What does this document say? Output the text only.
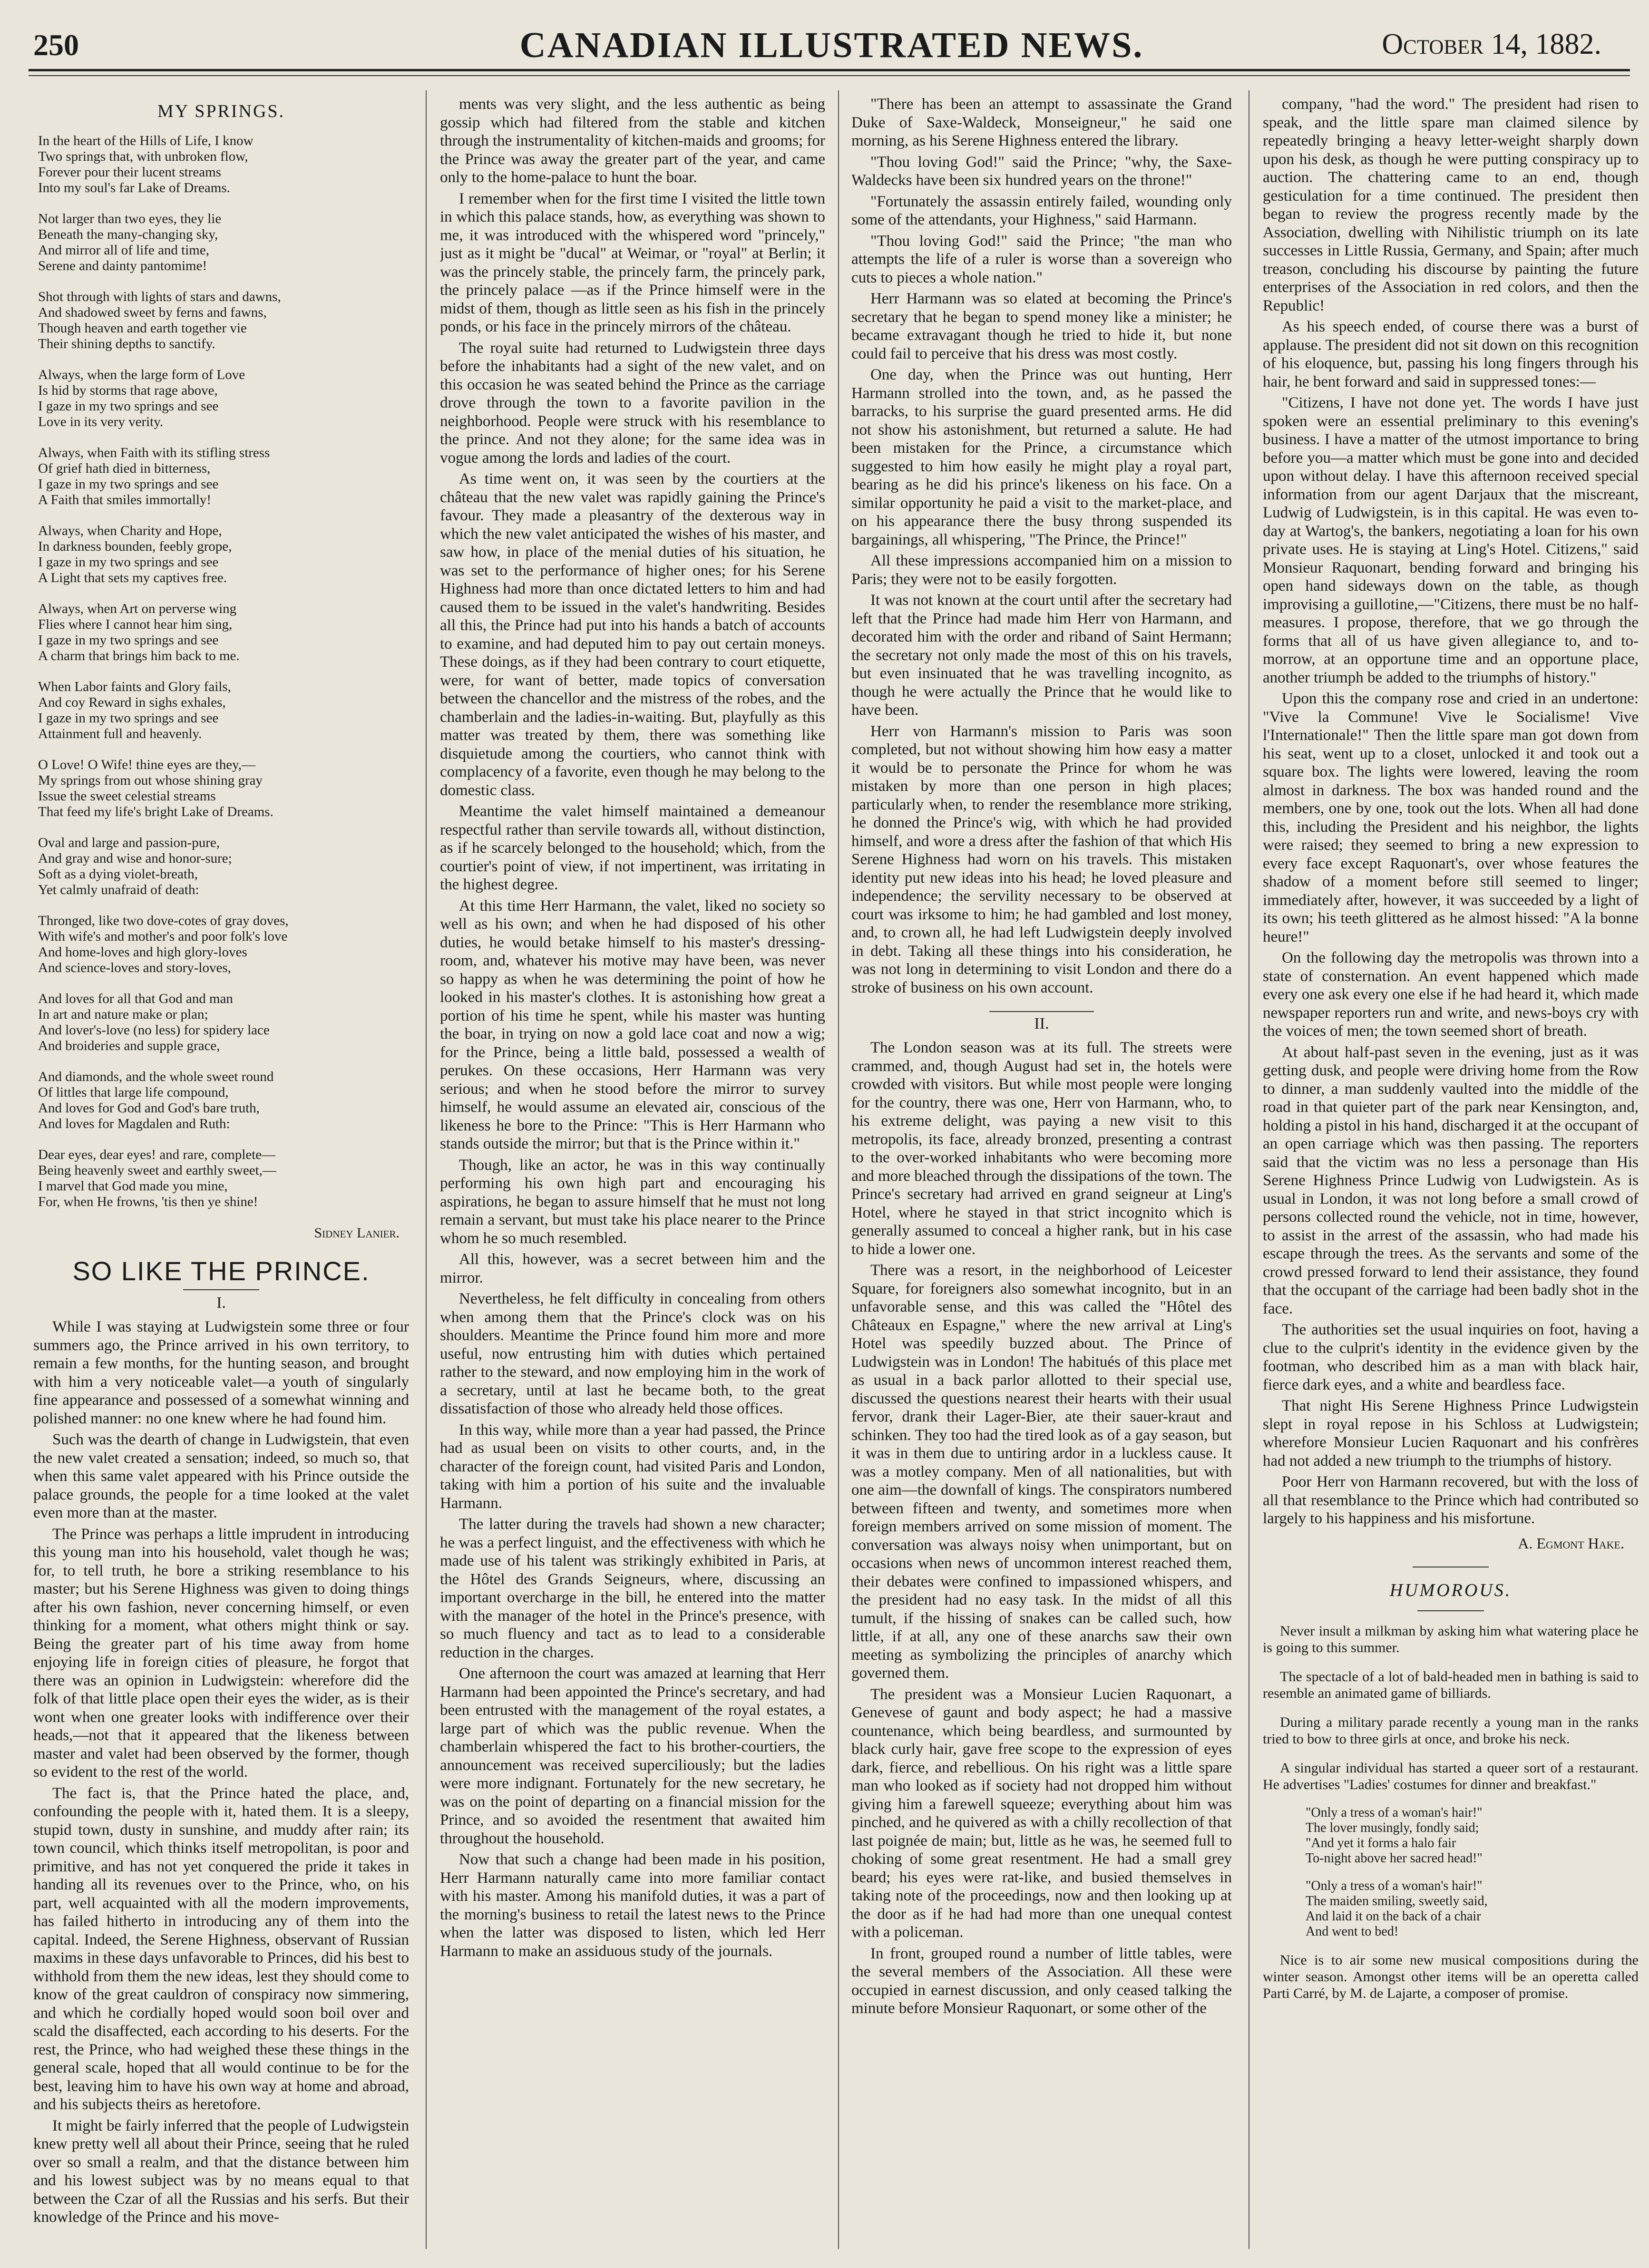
250	CANADIAN ILLUSTRATED NEWS.	October 14, 1882.
MY SPRINGS.
In the heart of the Hills of Life, I know
Two springs that, with unbroken flow,
Forever pour their lucent streams
Into my soul's far Lake of Dreams.
Not larger than two eyes, they lie
Beneath the many-changing sky,
And mirror all of life and time,
Serene and dainty pantomime!
Shot through with lights of stars and dawns,
And shadowed sweet by ferns and fawns,
Though heaven and earth together vie
Their shining depths to sanctify.
Always, when the large form of Love
Is hid by storms that rage above,
I gaze in my two springs and see
Love in its very verity.
Always, when Faith with its stifling stress
Of grief hath died in bitterness,
I gaze in my two springs and see
A Faith that smiles immortally!
Always, when Charity and Hope,
In darkness bounden, feebly grope,
I gaze in my two springs and see
A Light that sets my captives free.
Always, when Art on perverse wing
Flies where I cannot hear him sing,
I gaze in my two springs and see
A charm that brings him back to me.
When Labor faints and Glory fails,
And coy Reward in sighs exhales,
I gaze in my two springs and see
Attainment full and heavenly.
O Love! O Wife! thine eyes are they,—
My springs from out whose shining gray
Issue the sweet celestial streams
That feed my life's bright Lake of Dreams.
Oval and large and passion-pure,
And gray and wise and honor-sure;
Soft as a dying violet-breath,
Yet calmly unafraid of death:
Thronged, like two dove-cotes of gray doves,
With wife's and mother's and poor folk's love
And home-loves and high glory-loves
And science-loves and story-loves,
And loves for all that God and man
In art and nature make or plan;
And lover's-love (no less) for spidery lace
And broideries and supple grace,
And diamonds, and the whole sweet round
Of littles that large life compound,
And loves for God and God's bare truth,
And loves for Magdalen and Ruth:
Dear eyes, dear eyes! and rare, complete—
Being heavenly sweet and earthly sweet,—
I marvel that God made you mine,
For, when He frowns, 'tis then ye shine!
Sidney Lanier.
SO LIKE THE PRINCE.
I.

While I was staying at Ludwigstein some three or four summers ago, the Prince arrived in his own territory, to remain a few months, for the hunting season, and brought with him a very noticeable valet—a youth of singularly fine appearance and possessed of a somewhat winning and polished manner: no one knew where he had found him.

Such was the dearth of change in Ludwigstein, that even the new valet created a sensation; indeed, so much so, that when this same valet appeared with his Prince outside the palace grounds, the people for a time looked at the valet even more than at the master.

The Prince was perhaps a little imprudent in introducing this young man into his household, valet though he was; for, to tell truth, he bore a striking resemblance to his master; but his Serene Highness was given to doing things after his own fashion, never concerning himself, or even thinking for a moment, what others might think or say. Being the greater part of his time away from home enjoying life in foreign cities of pleasure, he forgot that there was an opinion in Ludwigstein: wherefore did the folk of that little place open their eyes the wider, as is their wont when one greater looks with indifference over their heads,—not that it appeared that the likeness between master and valet had been observed by the former, though so evident to the rest of the world.

The fact is, that the Prince hated the place, and, confounding the people with it, hated them. It is a sleepy, stupid town, dusty in sunshine, and muddy after rain; its town council, which thinks itself metropolitan, is poor and primitive, and has not yet conquered the pride it takes in handing all its revenues over to the Prince, who, on his part, well acquainted with all the modern improvements, has failed hitherto in introducing any of them into the capital. Indeed, the Serene Highness, observant of Russian maxims in these days unfavorable to Princes, did his best to withhold from them the new ideas, lest they should come to know of the great cauldron of conspiracy now simmering, and which he cordially hoped would soon boil over and scald the disaffected, each according to his deserts. For the rest, the Prince, who had weighed these these things in the general scale, hoped that all would continue to be for the best, leaving him to have his own way at home and abroad, and his subjects theirs as heretofore.

It might be fairly inferred that the people of Ludwigstein knew pretty well all about their Prince, seeing that he ruled over so small a realm, and that the distance between him and his lowest subject was by no means equal to that between the Czar of all the Russias and his serfs. But their knowledge of the Prince and his move-

ments was very slight, and the less authentic as being gossip which had filtered from the stable and kitchen through the instrumentality of kitchen-maids and grooms; for the Prince was away the greater part of the year, and came only to the home-palace to hunt the boar.

I remember when for the first time I visited the little town in which this palace stands, how, as everything was shown to me, it was introduced with the whispered word "princely," just as it might be "ducal" at Weimar, or "royal" at Berlin; it was the princely stable, the princely farm, the princely park, the princely palace —as if the Prince himself were in the midst of them, though as little seen as his fish in the princely ponds, or his face in the princely mirrors of the château.

The royal suite had returned to Ludwigstein three days before the inhabitants had a sight of the new valet, and on this occasion he was seated behind the Prince as the carriage drove through the town to a favorite pavilion in the neighborhood. People were struck with his resemblance to the prince. And not they alone; for the same idea was in vogue among the lords and ladies of the court.

As time went on, it was seen by the courtiers at the château that the new valet was rapidly gaining the Prince's favour. They made a pleasantry of the dexterous way in which the new valet anticipated the wishes of his master, and saw how, in place of the menial duties of his situation, he was set to the performance of higher ones; for his Serene Highness had more than once dictated letters to him and had caused them to be issued in the valet's handwriting. Besides all this, the Prince had put into his hands a batch of accounts to examine, and had deputed him to pay out certain moneys. These doings, as if they had been contrary to court etiquette, were, for want of better, made topics of conversation between the chancellor and the mistress of the robes, and the chamberlain and the ladies-in-waiting. But, playfully as this matter was treated by them, there was something like disquietude among the courtiers, who cannot think with complacency of a favorite, even though he may belong to the domestic class.

Meantime the valet himself maintained a demeanour respectful rather than servile towards all, without distinction, as if he scarcely belonged to the household; which, from the courtier's point of view, if not impertinent, was irritating in the highest degree.

At this time Herr Harmann, the valet, liked no society so well as his own; and when he had disposed of his other duties, he would betake himself to his master's dressing-room, and, whatever his motive may have been, was never so happy as when he was determining the point of how he looked in his master's clothes. It is astonishing how great a portion of his time he spent, while his master was hunting the boar, in trying on now a gold lace coat and now a wig; for the Prince, being a little bald, possessed a wealth of perukes. On these occasions, Herr Harmann was very serious; and when he stood before the mirror to survey himself, he would assume an elevated air, conscious of the likeness he bore to the Prince: "This is Herr Harmann who stands outside the mirror; but that is the Prince within it."

Though, like an actor, he was in this way continually performing his own high part and encouraging his aspirations, he began to assure himself that he must not long remain a servant, but must take his place nearer to the Prince whom he so much resembled.

All this, however, was a secret between him and the mirror.

Nevertheless, he felt difficulty in concealing from others when among them that the Prince's clock was on his shoulders. Meantime the Prince found him more and more useful, now entrusting him with duties which pertained rather to the steward, and now employing him in the work of a secretary, until at last he became both, to the great dissatisfaction of those who already held those offices.

In this way, while more than a year had passed, the Prince had as usual been on visits to other courts, and, in the character of the foreign count, had visited Paris and London, taking with him a portion of his suite and the invaluable Harmann.

The latter during the travels had shown a new character; he was a perfect linguist, and the effectiveness with which he made use of his talent was strikingly exhibited in Paris, at the Hôtel des Grands Seigneurs, where, discussing an important overcharge in the bill, he entered into the matter with the manager of the hotel in the Prince's presence, with so much fluency and tact as to lead to a considerable reduction in the charges.

One afternoon the court was amazed at learning that Herr Harmann had been appointed the Prince's secretary, and had been entrusted with the management of the royal estates, a large part of which was the public revenue. When the chamberlain whispered the fact to his brother-courtiers, the announcement was received superciliously; but the ladies were more indignant. Fortunately for the new secretary, he was on the point of departing on a financial mission for the Prince, and so avoided the resentment that awaited him throughout the household.

Now that such a change had been made in his position, Herr Harmann naturally came into more familiar contact with his master. Among his manifold duties, it was a part of the morning's business to retail the latest news to the Prince when the latter was disposed to listen, which led Herr Harmann to make an assiduous study of the journals.

"There has been an attempt to assassinate the Grand Duke of Saxe-Waldeck, Monseigneur," he said one morning, as his Serene Highness entered the library.

"Thou loving God!" said the Prince; "why, the Saxe-Waldecks have been six hundred years on the throne!"

"Fortunately the assassin entirely failed, wounding only some of the attendants, your Highness," said Harmann.

"Thou loving God!" said the Prince; "the man who attempts the life of a ruler is worse than a sovereign who cuts to pieces a whole nation."

Herr Harmann was so elated at becoming the Prince's secretary that he began to spend money like a minister; he became extravagant though he tried to hide it, but none could fail to perceive that his dress was most costly.

One day, when the Prince was out hunting, Herr Harmann strolled into the town, and, as he passed the barracks, to his surprise the guard presented arms. He did not show his astonishment, but returned a salute. He had been mistaken for the Prince, a circumstance which suggested to him how easily he might play a royal part, bearing as he did his prince's likeness on his face. On a similar opportunity he paid a visit to the market-place, and on his appearance there the busy throng suspended its bargainings, all whispering, "The Prince, the Prince!"

All these impressions accompanied him on a mission to Paris; they were not to be easily forgotten.

It was not known at the court until after the secretary had left that the Prince had made him Herr von Harmann, and decorated him with the order and riband of Saint Hermann; the secretary not only made the most of this on his travels, but even insinuated that he was travelling incognito, as though he were actually the Prince that he would like to have been.

Herr von Harmann's mission to Paris was soon completed, but not without showing him how easy a matter it would be to personate the Prince for whom he was mistaken by more than one person in high places; particularly when, to render the resemblance more striking, he donned the Prince's wig, with which he had provided himself, and wore a dress after the fashion of that which His Serene Highness had worn on his travels. This mistaken identity put new ideas into his head; he loved pleasure and independence; the servility necessary to be observed at court was irksome to him; he had gambled and lost money, and, to crown all, he had left Ludwigstein deeply involved in debt. Taking all these things into his consideration, he was not long in determining to visit London and there do a stroke of business on his own account.

II.

The London season was at its full. The streets were crammed, and, though August had set in, the hotels were crowded with visitors. But while most people were longing for the country, there was one, Herr von Harmann, who, to his extreme delight, was paying a new visit to this metropolis, its face, already bronzed, presenting a contrast to the over-worked inhabitants who were becoming more and more bleached through the dissipations of the town. The Prince's secretary had arrived en grand seigneur at Ling's Hotel, where he stayed in that strict incognito which is generally assumed to conceal a higher rank, but in his case to hide a lower one.

There was a resort, in the neighborhood of Leicester Square, for foreigners also somewhat incognito, but in an unfavorable sense, and this was called the "Hôtel des Châteaux en Espagne," where the new arrival at Ling's Hotel was speedily buzzed about. The Prince of Ludwigstein was in London! The habitués of this place met as usual in a back parlor allotted to their special use, discussed the questions nearest their hearts with their usual fervor, drank their Lager-Bier, ate their sauer-kraut and schinken. They too had the tired look as of a gay season, but it was in them due to untiring ardor in a luckless cause. It was a motley company. Men of all nationalities, but with one aim—the downfall of kings. The conspirators numbered between fifteen and twenty, and sometimes more when foreign members arrived on some mission of moment. The conversation was always noisy when unimportant, but on occasions when news of uncommon interest reached them, their debates were confined to impassioned whispers, and the president had no easy task. In the midst of all this tumult, if the hissing of snakes can be called such, how little, if at all, any one of these anarchs saw their own meeting as symbolizing the principles of anarchy which governed them.

The president was a Monsieur Lucien Raquonart, a Genevese of gaunt and body aspect; he had a massive countenance, which being beardless, and surmounted by black curly hair, gave free scope to the expression of eyes dark, fierce, and rebellious. On his right was a little spare man who looked as if society had not dropped him without giving him a farewell squeeze; everything about him was pinched, and he quivered as with a chilly recollection of that last poignée de main; but, little as he was, he seemed full to choking of some great resentment. He had a small grey beard; his eyes were rat-like, and busied themselves in taking note of the proceedings, now and then looking up at the door as if he had had more than one unequal contest with a policeman.

In front, grouped round a number of little tables, were the several members of the Association. All these were occupied in earnest discussion, and only ceased talking the minute before Monsieur Raquonart, or some other of the

company, "had the word." The president had risen to speak, and the little spare man claimed silence by repeatedly bringing a heavy letter-weight sharply down upon his desk, as though he were putting conspiracy up to auction. The chattering came to an end, though gesticulation for a time continued. The president then began to review the progress recently made by the Association, dwelling with Nihilistic triumph on its late successes in Little Russia, Germany, and Spain; after much treason, concluding his discourse by painting the future enterprises of the Association in red colors, and then the Republic!

As his speech ended, of course there was a burst of applause. The president did not sit down on this recognition of his eloquence, but, passing his long fingers through his hair, he bent forward and said in suppressed tones:—

"Citizens, I have not done yet. The words I have just spoken were an essential preliminary to this evening's business. I have a matter of the utmost importance to bring before you—a matter which must be gone into and decided upon without delay. I have this afternoon received special information from our agent Darjaux that the miscreant, Ludwig of Ludwigstein, is in this capital. He was even to-day at Wartog's, the bankers, negotiating a loan for his own private uses. He is staying at Ling's Hotel. Citizens," said Monsieur Raquonart, bending forward and bringing his open hand sideways down on the table, as though improvising a guillotine,—"Citizens, there must be no half-measures. I propose, therefore, that we go through the forms that all of us have given allegiance to, and to-morrow, at an opportune time and an opportune place, another triumph be added to the triumphs of history."

Upon this the company rose and cried in an undertone: "Vive la Commune! Vive le Socialisme! Vive l'Internationale!" Then the little spare man got down from his seat, went up to a closet, unlocked it and took out a square box. The lights were lowered, leaving the room almost in darkness. The box was handed round and the members, one by one, took out the lots. When all had done this, including the President and his neighbor, the lights were raised; they seemed to bring a new expression to every face except Raquonart's, over whose features the shadow of a moment before still seemed to linger; immediately after, however, it was succeeded by a light of its own; his teeth glittered as he almost hissed: "A la bonne heure!"

On the following day the metropolis was thrown into a state of consternation. An event happened which made every one ask every one else if he had heard it, which made newspaper reporters run and write, and news-boys cry with the voices of men; the town seemed short of breath.

At about half-past seven in the evening, just as it was getting dusk, and people were driving home from the Row to dinner, a man suddenly vaulted into the middle of the road in that quieter part of the park near Kensington, and, holding a pistol in his hand, discharged it at the occupant of an open carriage which was then passing. The reporters said that the victim was no less a personage than His Serene Highness Prince Ludwig von Ludwigstein. As is usual in London, it was not long before a small crowd of persons collected round the vehicle, not in time, however, to assist in the arrest of the assassin, who had made his escape through the trees. As the servants and some of the crowd pressed forward to lend their assistance, they found that the occupant of the carriage had been badly shot in the face.

The authorities set the usual inquiries on foot, having a clue to the culprit's identity in the evidence given by the footman, who described him as a man with black hair, fierce dark eyes, and a white and beardless face.

That night His Serene Highness Prince Ludwigstein slept in royal repose in his Schloss at Ludwigstein; wherefore Monsieur Lucien Raquonart and his confrères had not added a new triumph to the triumphs of history.

Poor Herr von Harmann recovered, but with the loss of all that resemblance to the Prince which had contributed so largely to his happiness and his misfortune.

A. Egmont Hake.
HUMOROUS.

Never insult a milkman by asking him what watering place he is going to this summer.

The spectacle of a lot of bald-headed men in bathing is said to resemble an animated game of billiards.

During a military parade recently a young man in the ranks tried to bow to three girls at once, and broke his neck.

A singular individual has started a queer sort of a restaurant. He advertises "Ladies' costumes for dinner and breakfast."

"Only a tress of a woman's hair!"
The lover musingly, fondly said;
"And yet it forms a halo fair
To-night above her sacred head!"
"Only a tress of a woman's hair!"
The maiden smiling, sweetly said,
And laid it on the back of a chair
And went to bed!

Nice is to air some new musical compositions during the winter season. Amongst other items will be an operetta called Parti Carré, by M. de Lajarte, a composer of promise.
